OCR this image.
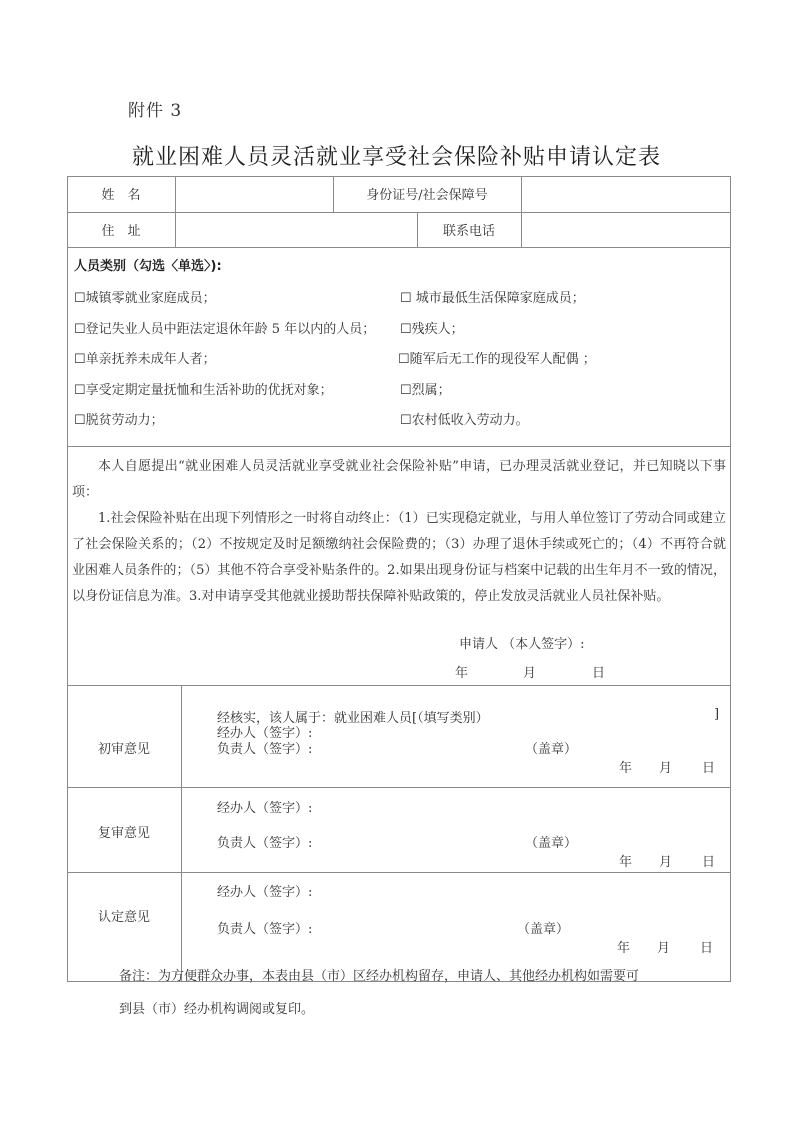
附件 3
就业困难人员灵活就业享受社会保险补贴申请认定表
姓　名	身份证号/社会保障号
住　址	联系电话
人员类别（勾选〈单选〉):
☐城镇零就业家庭成员；
☐登记失业人员中距法定退休年龄 5 年以内的人员；
☐单亲抚养未成年人者；
☐享受定期定量抚恤和生活补助的优抚对象；
☐脱贫劳动力；
☐ 城市最低生活保障家庭成员；
☐残疾人；
☐随军后无工作的现役军人配偶 ；
☐烈属；
☐农村低收入劳动力。
本人自愿提出“就业困难人员灵活就业享受就业社会保险补贴”申请，已办理灵活就业登记，并已知晓以下事项：
1.社会保险补贴在出现下列情形之一时将自动终止：（1）已实现稳定就业，与用人单位签订了劳动合同或建立了社会保险关系的；（2）不按规定及时足额缴纳社会保险费的；（3）办理了退休手续或死亡的；（4）不再符合就业困难人员条件的；（5）其他不符合享受补贴条件的。2.如果出现身份证与档案中记载的出生年月不一致的情况，以身份证信息为准。3.对申请享受其他就业援助帮扶保障补贴政策的，停止发放灵活就业人员社保补贴。
申请人 （本人签字）:
年	月	日
初审意见
经核实，该人属于：就业困难人员[（填写类别）	]
经办人（签字）:
负责人（签字）:	（盖章）
年 月 日
复审意见
经办人（签字）:
负责人（签字）:	（盖章）
年 月 日
认定意见
经办人（签字）:
负责人（签字）:	（盖章）
年 月 日
备注：为方便群众办事，本表由县（市）区经办机构留存，申请人、其他经办机构如需要可
到县（市）经办机构调阅或复印。
